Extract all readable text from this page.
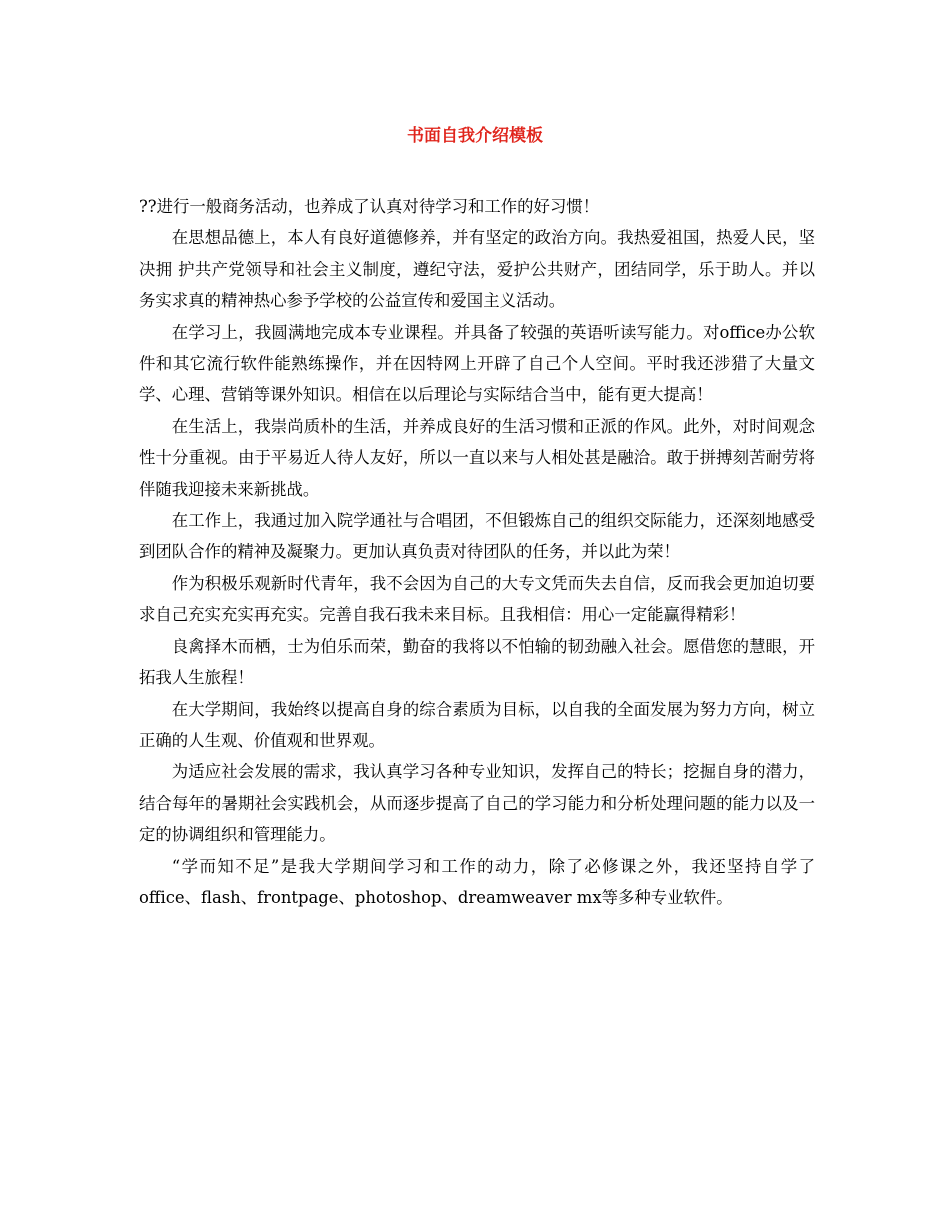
书面自我介绍模板

??进行一般商务活动，也养成了认真对待学习和工作的好习惯！

在思想品德上，本人有良好道德修养，并有坚定的政治方向。我热爱祖国，热爱人民，坚决拥 护共产党领导和社会主义制度，遵纪守法，爱护公共财产，团结同学，乐于助人。并以务实求真的精神热心参予学校的公益宣传和爱国主义活动。

在学习上，我圆满地完成本专业课程。并具备了较强的英语听读写能力。对office办公软件和其它流行软件能熟练操作，并在因特网上开辟了自己个人空间。平时我还涉猎了大量文学、心理、营销等课外知识。相信在以后理论与实际结合当中，能有更大提高！

在生活上，我崇尚质朴的生活，并养成良好的生活习惯和正派的作风。此外，对时间观念性十分重视。由于平易近人待人友好，所以一直以来与人相处甚是融洽。敢于拼搏刻苦耐劳将伴随我迎接未来新挑战。

在工作上，我通过加入院学通社与合唱团，不但锻炼自己的组织交际能力，还深刻地感受到团队合作的精神及凝聚力。更加认真负责对待团队的任务，并以此为荣！

作为积极乐观新时代青年，我不会因为自己的大专文凭而失去自信，反而我会更加迫切要求自己充实充实再充实。完善自我石我未来目标。且我相信：用心一定能赢得精彩！

良禽择木而栖，士为伯乐而荣，勤奋的我将以不怕输的韧劲融入社会。愿借您的慧眼，开拓我人生旅程！

在大学期间，我始终以提高自身的综合素质为目标，以自我的全面发展为努力方向，树立正确的人生观、价值观和世界观。

为适应社会发展的需求，我认真学习各种专业知识，发挥自己的特长；挖掘自身的潜力，结合每年的暑期社会实践机会，从而逐步提高了自己的学习能力和分析处理问题的能力以及一定的协调组织和管理能力。

“学而知不足”是我大学期间学习和工作的动力，除了必修课之外，我还坚持自学了office、flash、frontpage、photoshop、dreamweaver mx等多种专业软件。
